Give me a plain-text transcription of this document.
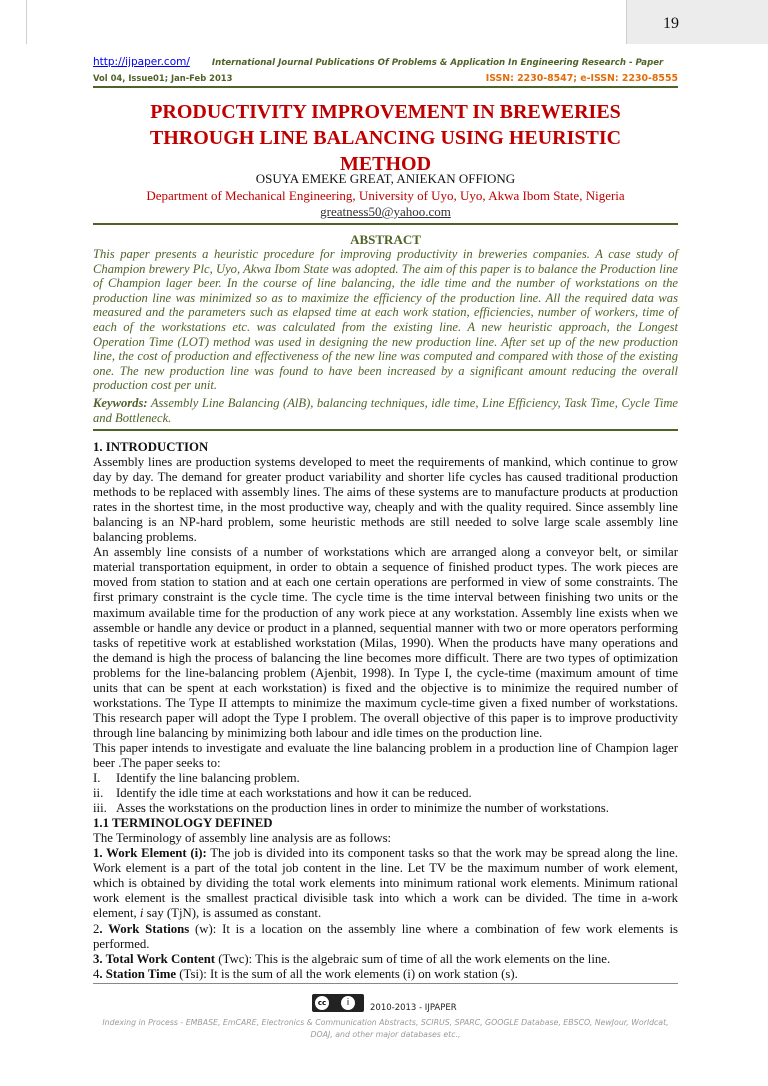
19
http://ijpaper.com/	International Journal Publications Of Problems & Application In Engineering Research - Paper
Vol 04, Issue01; Jan-Feb 2013	ISSN: 2230-8547; e-ISSN: 2230-8555
PRODUCTIVITY IMPROVEMENT IN BREWERIES
THROUGH LINE BALANCING USING HEURISTIC
METHOD
OSUYA EMEKE GREAT, ANIEKAN OFFIONG
Department of Mechanical Engineering, University of Uyo, Uyo, Akwa Ibom State, Nigeria
greatness50@yahoo.com
ABSTRACT
This paper presents a heuristic procedure for improving productivity in breweries companies. A case study of Champion brewery Plc, Uyo, Akwa Ibom State was adopted. The aim of this paper is to balance the Production line of Champion lager beer. In the course of line balancing, the idle time and the number of workstations on the production line was minimized so as to maximize the efficiency of the production line. All the required data was measured and the parameters such as elapsed time at each work station, efficiencies, number of workers, time of each of the workstations etc. was calculated from the existing line. A new heuristic approach, the Longest Operation Time (LOT) method was used in designing the new production line. After set up of the new production line, the cost of production and effectiveness of the new line was computed and compared with those of the existing one. The new production line was found to have been increased by a significant amount reducing the overall production cost per unit.
Keywords: Assembly Line Balancing (AlB), balancing techniques, idle time, Line Efficiency, Task Time, Cycle Time and Bottleneck.

1. INTRODUCTION

Assembly lines are production systems developed to meet the requirements of mankind, which continue to grow day by day. The demand for greater product variability and shorter life cycles has caused traditional production methods to be replaced with assembly lines. The aims of these systems are to manufacture products at production rates in the shortest time, in the most productive way, cheaply and with the quality required. Since assembly line balancing is an NP-hard problem, some heuristic methods are still needed to solve large scale assembly line balancing problems.

An assembly line consists of a number of workstations which are arranged along a conveyor belt, or similar material transportation equipment, in order to obtain a sequence of finished product types. The work pieces are moved from station to station and at each one certain operations are performed in view of some constraints. The first primary constraint is the cycle time. The cycle time is the time interval between finishing two units or the maximum available time for the production of any work piece at any workstation. Assembly line exists when we assemble or handle any device or product in a planned, sequential manner with two or more operators performing tasks of repetitive work at established workstation (Milas, 1990). When the products have many operations and the demand is high the process of balancing the line becomes more difficult. There are two types of optimization problems for the line-balancing problem (Ajenbit, 1998). In Type I, the cycle-time (maximum amount of time units that can be spent at each workstation) is fixed and the objective is to minimize the required number of workstations. The Type II attempts to minimize the maximum cycle-time given a fixed number of workstations. This research paper will adopt the Type I problem. The overall objective of this paper is to improve productivity through line balancing by minimizing both labour and idle times on the production line.

This paper intends to investigate and evaluate the line balancing problem in a production line of Champion lager beer .The paper seeks to:

I. Identify the line balancing problem.

ii. Identify the idle time at each workstations and how it can be reduced.

iii. Asses the workstations on the production lines in order to minimize the number of workstations.

1.1 TERMINOLOGY DEFINED

The Terminology of assembly line analysis are as follows:

1. Work Element (i): The job is divided into its component tasks so that the work may be spread along the line. Work element is a part of the total job content in the line. Let TV be the maximum number of work element, which is obtained by dividing the total work elements into minimum rational work elements. Minimum rational work element is the smallest practical divisible task into which a work can be divided. The time in a-work element, i say (TjN), is assumed as constant.

2. Work Stations (w): It is a location on the assembly line where a combination of few work elements is performed.

3. Total Work Content (Twc): This is the algebraic sum of time of all the work elements on the line.

4. Station Time (Tsi): It is the sum of all the work elements (i) on work station (s).

cc	i	2010-2013 - IJPAPER
Indexing in Process - EMBASE, EmCARE, Electronics & Communication Abstracts, SCIRUS, SPARC, GOOGLE Database, EBSCO, NewJour, Worldcat, DOAJ, and other major databases etc.,
